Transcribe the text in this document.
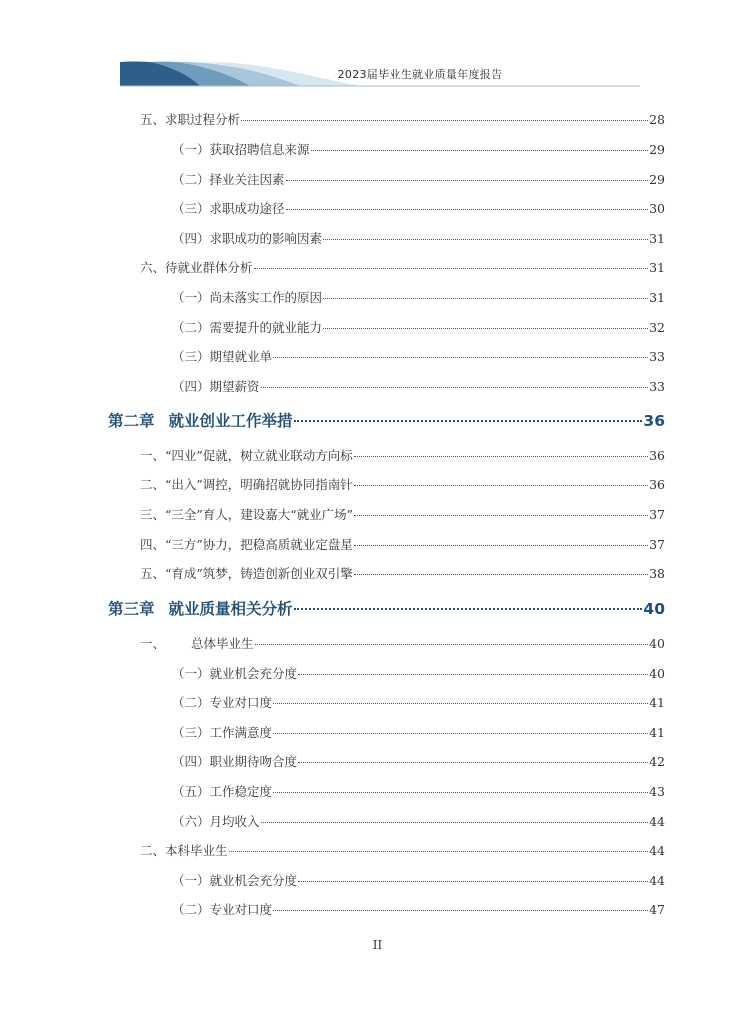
2023届毕业生就业质量年度报告
五、求职过程分析	28
（一）获取招聘信息来源	29
（二）择业关注因素	29
（三）求职成功途径	30
（四）求职成功的影响因素	31
六、待就业群体分析	31
（一）尚未落实工作的原因	31
（二）需要提升的就业能力	32
（三）期望就业单	33
（四）期望薪资	33
第二章 就业创业工作举措	36
一、“四业”促就，树立就业联动方向标	36
二、“出入”调控，明确招就协同指南针	36
三、“三全”育人，建设嘉大“就业广场”	37
四、“三方”协力，把稳高质就业定盘星	37
五、“育成”筑梦，铸造创新创业双引擎	38
第三章 就业质量相关分析	40
一、 总体毕业生	40
（一）就业机会充分度	40
（二）专业对口度	41
（三）工作满意度	41
（四）职业期待吻合度	42
（五）工作稳定度	43
（六）月均收入	44
二、本科毕业生	44
（一）就业机会充分度	44
（二）专业对口度	47
II
